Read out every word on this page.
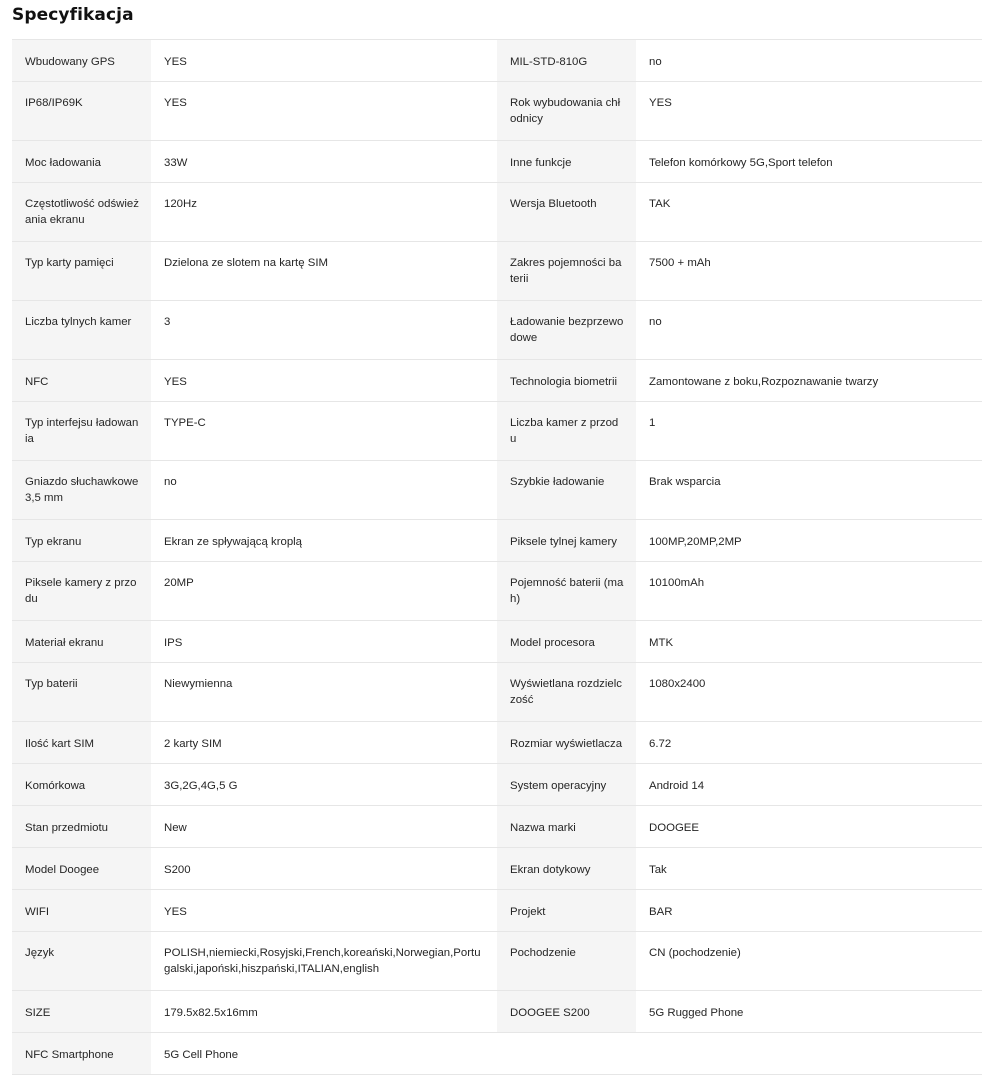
Specyfikacja
Wbudowany GPS	YES	MIL-STD-810G	no
IP68/IP69K	YES	Rok wybudowania chłodnicy	YES
Moc ładowania	33W	Inne funkcje	Telefon komórkowy 5G,Sport telefon
Częstotliwość odświeżania ekranu	120Hz	Wersja Bluetooth	TAK
Typ karty pamięci	Dzielona ze slotem na kartę SIM	Zakres pojemności baterii	7500 + mAh
Liczba tylnych kamer	3	Ładowanie bezprzewodowe	no
NFC	YES	Technologia biometrii	Zamontowane z boku,Rozpoznawanie twarzy
Typ interfejsu ładowania	TYPE-C	Liczba kamer z przodu	1
Gniazdo słuchawkowe 3,5 mm	no	Szybkie ładowanie	Brak wsparcia
Typ ekranu	Ekran ze spływającą kroplą	Piksele tylnej kamery	100MP,20MP,2MP
Piksele kamery z przodu	20MP	Pojemność baterii (mah)	10100mAh
Materiał ekranu	IPS	Model procesora	MTK
Typ baterii	Niewymienna	Wyświetlana rozdzielczość	1080x2400
Ilość kart SIM	2 karty SIM	Rozmiar wyświetlacza	6.72
Komórkowa	3G,2G,4G,5 G	System operacyjny	Android 14
Stan przedmiotu	New	Nazwa marki	DOOGEE
Model Doogee	S200	Ekran dotykowy	Tak
WIFI	YES	Projekt	BAR
Język	POLISH,niemiecki,Rosyjski,French,koreański,Norwegian,Portugalski,japoński,hiszpański,ITALIAN,english	Pochodzenie	CN (pochodzenie)
SIZE	179.5x82.5x16mm	DOOGEE S200	5G Rugged Phone
NFC Smartphone	5G Cell Phone		
